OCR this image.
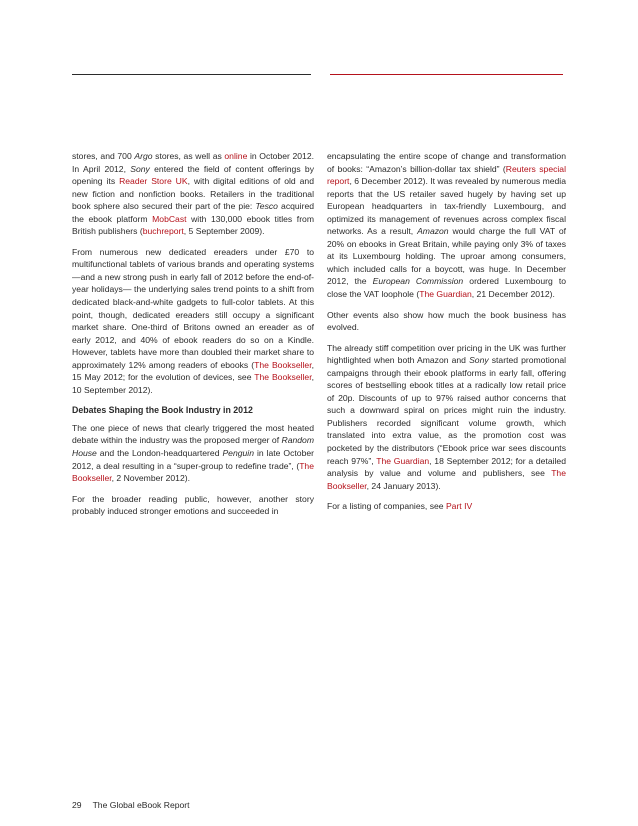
stores, and 700 Argo stores, as well as online in October 2012. In April 2012, Sony entered the field of content offerings by opening its Reader Store UK, with digital editions of old and new fiction and nonfiction books. Retailers in the traditional book sphere also secured their part of the pie: Tesco acquired the ebook platform MobCast with 130,000 ebook titles from British publishers (buchreport, 5 September 2009).

From numerous new dedicated ereaders under £70 to multifunctional tablets of various brands and operating systems —and a new strong push in early fall of 2012 before the end-of-year holidays— the underlying sales trend points to a shift from dedicated black-and-white gadgets to full-color tablets. At this point, though, dedicated ereaders still occupy a significant market share. One-third of Britons owned an ereader as of early 2012, and 40% of ebook readers do so on a Kindle. However, tablets have more than doubled their market share to approximately 12% among readers of ebooks (The Bookseller, 15 May 2012; for the evolution of devices, see The Bookseller, 10 September 2012).

Debates Shaping the Book Industry in 2012

The one piece of news that clearly triggered the most heated debate within the industry was the proposed merger of Random House and the London-headquartered Penguin in late October 2012, a deal resulting in a “super-group to redefine trade”, (The Bookseller, 2 November 2012).

For the broader reading public, however, another story probably induced stronger emotions and succeeded in

encapsulating the entire scope of change and transformation of books: “Amazon’s billion-dollar tax shield” (Reuters special report, 6 December 2012). It was revealed by numerous media reports that the US retailer saved hugely by having set up European headquarters in tax-friendly Luxembourg, and optimized its management of revenues across complex fiscal networks. As a result, Amazon would charge the full VAT of 20% on ebooks in Great Britain, while paying only 3% of taxes at its Luxembourg holding. The uproar among consumers, which included calls for a boycott, was huge. In December 2012, the European Commission ordered Luxembourg to close the VAT loophole (The Guardian, 21 December 2012).

Other events also show how much the book business has evolved.

The already stiff competition over pricing in the UK was further hightlighted when both Amazon and Sony started promotional campaigns through their ebook platforms in early fall, offering scores of bestselling ebook titles at a radically low retail price of 20p. Discounts of up to 97% raised author concerns that such a downward spiral on prices might ruin the industry. Publishers recorded significant volume growth, which translated into extra value, as the promotion cost was pocketed by the distributors (“Ebook price war sees discounts reach 97%”, The Guardian, 18 September 2012; for a detailed analysis by value and volume and publishers, see The Bookseller, 24 January 2013).

For a listing of companies, see Part IV

29 The Global eBook Report
